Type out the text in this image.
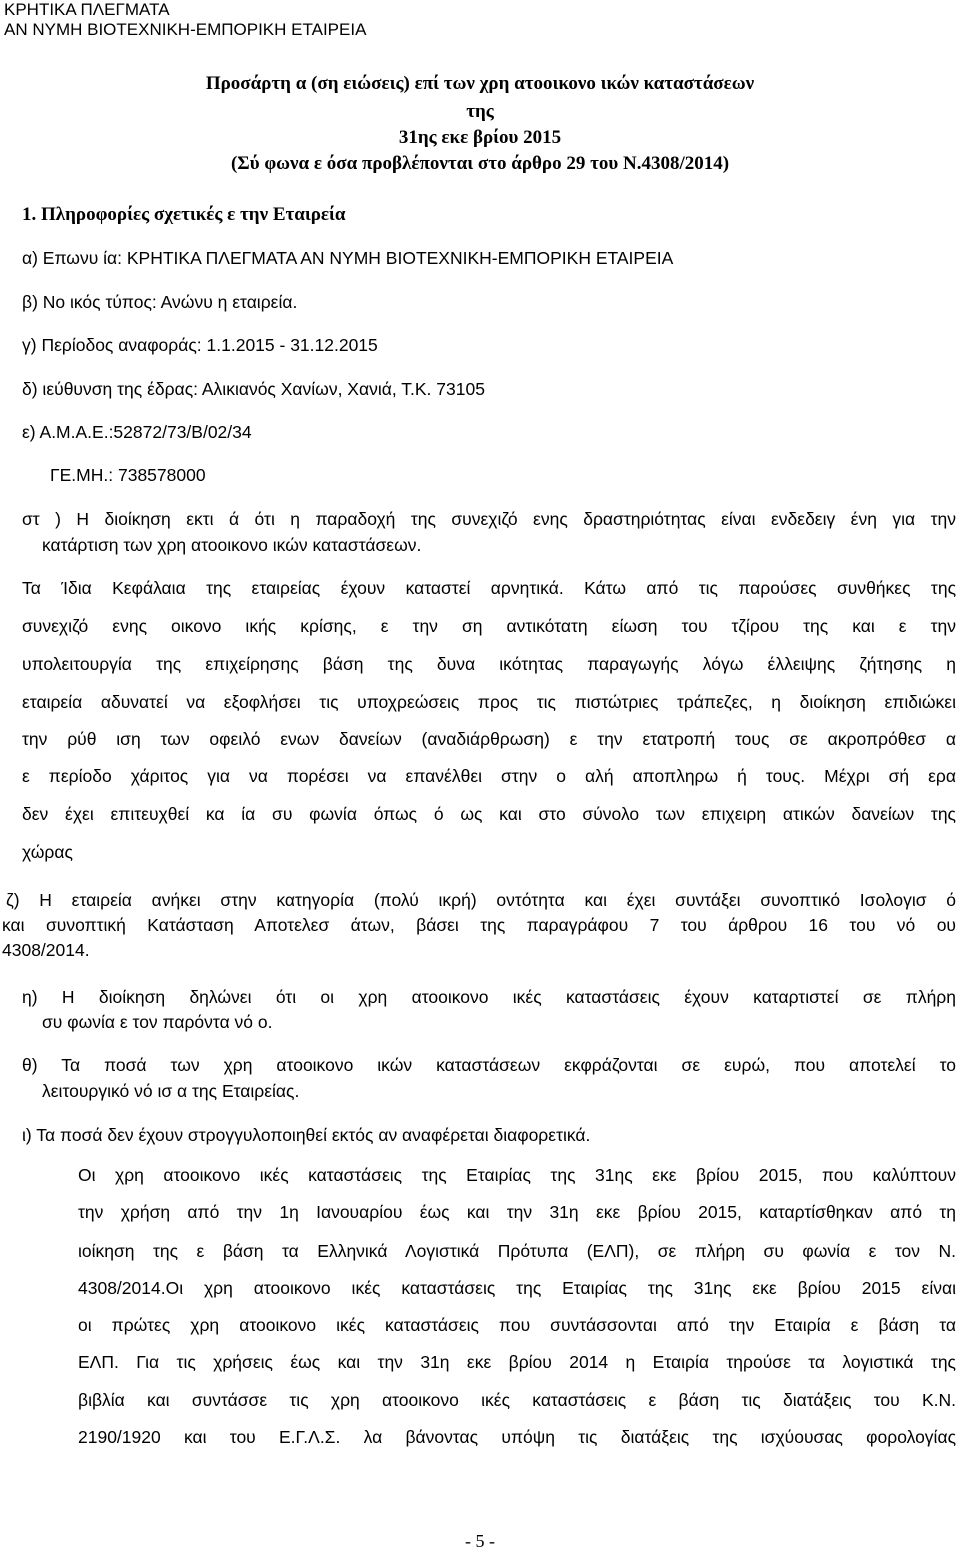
ΚΡΗΤΙΚΑ ΠΛΕΓΜΑΤΑ
ΑΝ ΝΥΜΗ ΒΙΟΤΕΧΝΙΚΗ-ΕΜΠΟΡΙΚΗ ΕΤΑΙΡΕΙΑ
Προσάρτη α (ση ειώσεις) επί των χρη ατοοικονο ικών καταστάσεων
της
31ης εκε βρίου 2015
(Σύ φωνα ε όσα προβλέπονται στο άρθρο 29 του Ν.4308/2014)
1. Πληροφορίες σχετικές ε την Εταιρεία
α) Επωνυ ία: ΚΡΗΤΙΚΑ ΠΛΕΓΜΑΤΑ ΑΝ ΝΥΜΗ ΒΙΟΤΕΧΝΙΚΗ-ΕΜΠΟΡΙΚΗ ΕΤΑΙΡΕΙΑ
β) Νο ικός τύπος: Ανώνυ η εταιρεία.
γ) Περίοδος αναφοράς: 1.1.2015 - 31.12.2015
δ) ιεύθυνση της έδρας: Αλικιανός Χανίων, Χανιά, Τ.Κ. 73105
ε) Α.Μ.Α.Ε.:52872/73/Β/02/34
ΓΕ.ΜΗ.: 738578000
στ ) Η διοίκηση εκτι ά ότι η παραδοχή της συνεχιζό ενης δραστηριότητας είναι ενδεδειγ ένη για την
κατάρτιση των χρη ατοοικονο ικών καταστάσεων.
Τα Ίδια Κεφάλαια της εταιρείας έχουν καταστεί αρνητικά. Κάτω από τις παρούσες συνθήκες της
συνεχιζό ενης οικονο ικής κρίσης, ε την ση αντικότατη είωση του τζίρου της και ε την
υπολειτουργία της επιχείρησης βάση της δυνα ικότητας παραγωγής λόγω έλλειψης ζήτησης η
εταιρεία αδυνατεί να εξοφλήσει τις υποχρεώσεις προς τις πιστώτριες τράπεζες, η διοίκηση επιδιώκει
την ρύθ ιση των οφειλό ενων δανείων (αναδιάρθρωση) ε την ετατροπή τους σε ακροπρόθεσ α
ε περίοδο χάριτος για να πορέσει να επανέλθει στην ο αλή αποπληρω ή τους. Μέχρι σή ερα
δεν έχει επιτευχθεί κα ία συ φωνία όπως ό ως και στο σύνολο των επιχειρη ατικών δανείων της
χώρας
ζ) Η εταιρεία ανήκει στην κατηγορία (πολύ ικρή) οντότητα και έχει συντάξει συνοπτικό Ισολογισ ό
και συνοπτική Κατάσταση Αποτελεσ άτων, βάσει της παραγράφου 7 του άρθρου 16 του νό ου
4308/2014.
η) Η διοίκηση δηλώνει ότι οι χρη ατοοικονο ικές καταστάσεις έχουν καταρτιστεί σε πλήρη
συ φωνία ε τον παρόντα νό ο.
θ) Τα ποσά των χρη ατοοικονο ικών καταστάσεων εκφράζονται σε ευρώ, που αποτελεί το
λειτουργικό νό ισ α της Εταιρείας.
ι) Τα ποσά δεν έχουν στρογγυλοποιηθεί εκτός αν αναφέρεται διαφορετικά.
Οι χρη ατοοικονο ικές καταστάσεις της Εταιρίας της 31ης εκε βρίου 2015, που καλύπτουν
την χρήση από την 1η Ιανουαρίου έως και την 31η εκε βρίου 2015, καταρτίσθηκαν από τη
ιοίκηση της ε βάση τα Ελληνικά Λογιστικά Πρότυπα (ΕΛΠ), σε πλήρη συ φωνία ε τον Ν.
4308/2014.Οι χρη ατοοικονο ικές καταστάσεις της Εταιρίας της 31ης εκε βρίου 2015 είναι
οι πρώτες χρη ατοοικονο ικές καταστάσεις που συντάσσονται από την Εταιρία ε βάση τα
ΕΛΠ. Για τις χρήσεις έως και την 31η εκε βρίου 2014 η Εταιρία τηρούσε τα λογιστικά της
βιβλία και συντάσσε τις χρη ατοοικονο ικές καταστάσεις ε βάση τις διατάξεις του Κ.Ν.
2190/1920 και του Ε.Γ.Λ.Σ. λα βάνοντας υπόψη τις διατάξεις της ισχύουσας φορολογίας
- 5 -
